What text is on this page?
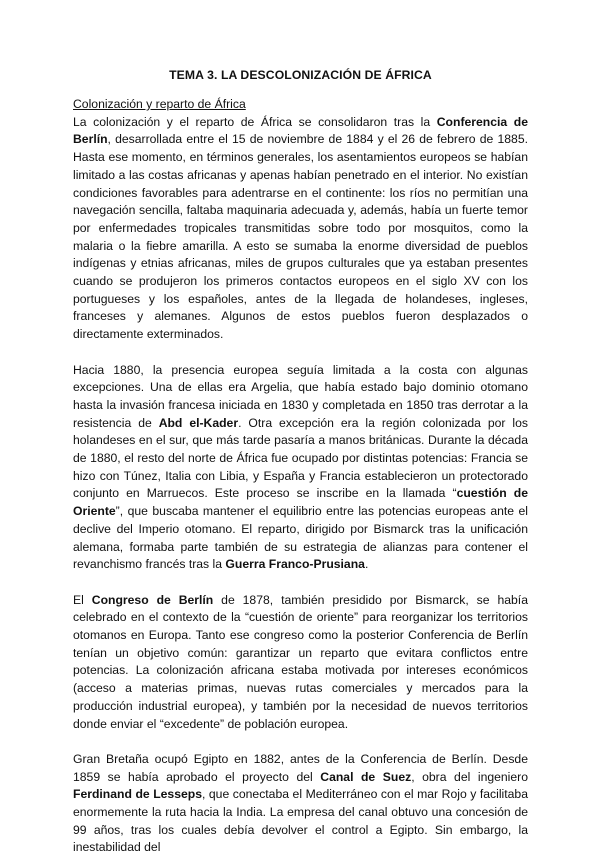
TEMA 3. LA DESCOLONIZACIÓN DE ÁFRICA
Colonización y reparto de África

La colonización y el reparto de África se consolidaron tras la Conferencia de Berlín, desarrollada entre el 15 de noviembre de 1884 y el 26 de febrero de 1885. Hasta ese momento, en términos generales, los asentamientos europeos se habían limitado a las costas africanas y apenas habían penetrado en el interior. No existían condiciones favorables para adentrarse en el continente: los ríos no permitían una navegación sencilla, faltaba maquinaria adecuada y, además, había un fuerte temor por enfermedades tropicales transmitidas sobre todo por mosquitos, como la malaria o la fiebre amarilla. A esto se sumaba la enorme diversidad de pueblos indígenas y etnias africanas, miles de grupos culturales que ya estaban presentes cuando se produjeron los primeros contactos europeos en el siglo XV con los portugueses y los españoles, antes de la llegada de holandeses, ingleses, franceses y alemanes. Algunos de estos pueblos fueron desplazados o directamente exterminados.

Hacia 1880, la presencia europea seguía limitada a la costa con algunas excepciones. Una de ellas era Argelia, que había estado bajo dominio otomano hasta la invasión francesa iniciada en 1830 y completada en 1850 tras derrotar a la resistencia de Abd el-Kader. Otra excepción era la región colonizada por los holandeses en el sur, que más tarde pasaría a manos británicas. Durante la década de 1880, el resto del norte de África fue ocupado por distintas potencias: Francia se hizo con Túnez, Italia con Libia, y España y Francia establecieron un protectorado conjunto en Marruecos. Este proceso se inscribe en la llamada “cuestión de Oriente”, que buscaba mantener el equilibrio entre las potencias europeas ante el declive del Imperio otomano. El reparto, dirigido por Bismarck tras la unificación alemana, formaba parte también de su estrategia de alianzas para contener el revanchismo francés tras la Guerra Franco-Prusiana.

El Congreso de Berlín de 1878, también presidido por Bismarck, se había celebrado en el contexto de la “cuestión de oriente” para reorganizar los territorios otomanos en Europa. Tanto ese congreso como la posterior Conferencia de Berlín tenían un objetivo común: garantizar un reparto que evitara conflictos entre potencias. La colonización africana estaba motivada por intereses económicos (acceso a materias primas, nuevas rutas comerciales y mercados para la producción industrial europea), y también por la necesidad de nuevos territorios donde enviar el “excedente” de población europea.

Gran Bretaña ocupó Egipto en 1882, antes de la Conferencia de Berlín. Desde 1859 se había aprobado el proyecto del Canal de Suez, obra del ingeniero Ferdinand de Lesseps, que conectaba el Mediterráneo con el mar Rojo y facilitaba enormemente la ruta hacia la India. La empresa del canal obtuvo una concesión de 99 años, tras los cuales debía devolver el control a Egipto. Sin embargo, la inestabilidad del
